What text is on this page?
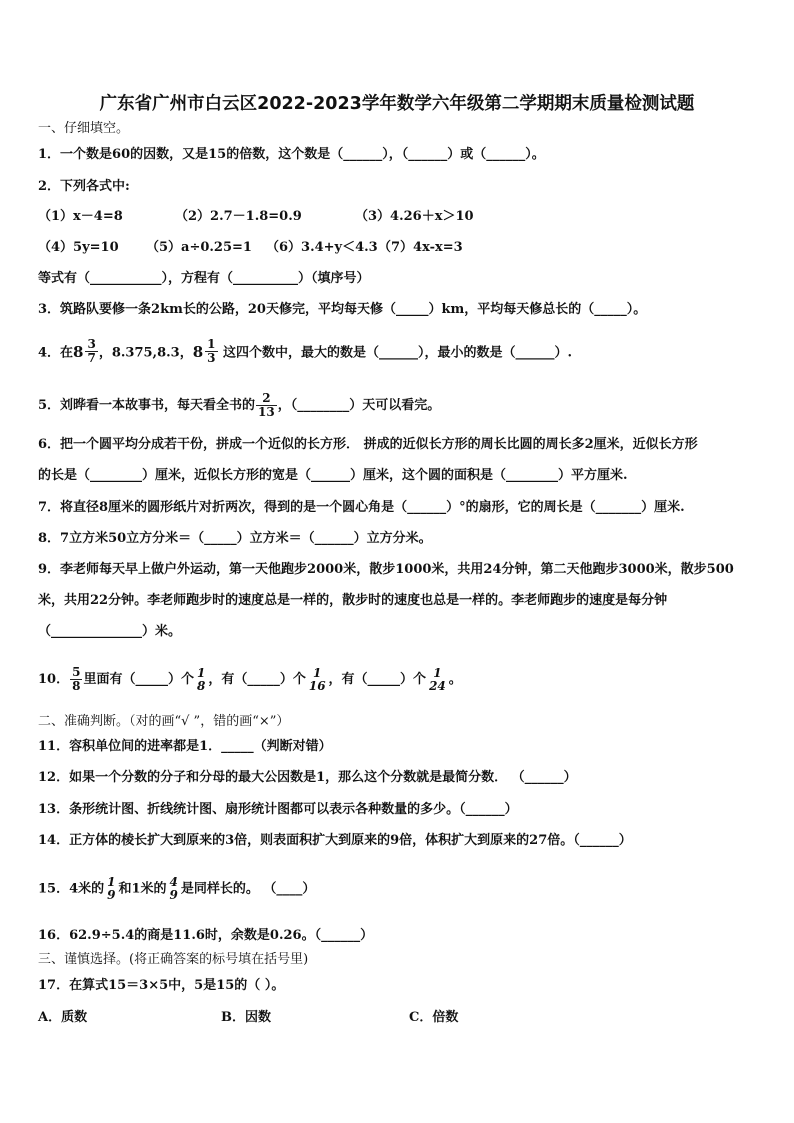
广东省广州市白云区2022-2023学年数学六年级第二学期期末质量检测试题
一、仔细填空。
1．一个数是60的因数，又是15的倍数，这个数是（______），（______）或（______）。
2．下列各式中:
（1）x－4=8	（2）2.7－1.8=0.9	（3）4.26＋x＞10
（4）5y=10 （5）a÷0.25=1 （6）3.4+y＜4.3（7）4x-x=3
等式有（___________），方程有（__________）（填序号）
3．筑路队要修一条2km长的公路，20天修完，平均每天修（_____）km，平均每天修总长的（_____）。
4．在 8 3
7 ，8.375,8.3， 8 1
3 这四个数中，最大的数是（______），最小的数是（______）.
5．刘晔看一本故事书，每天看全书的 $\frac{2}{13}$ ，（________）天可以看完。
6．把一个圆平均分成若干份，拼成一个近似的长方形． 拼成的近似长方形的周长比圆的周长多2厘米，近似长方形
的长是（________）厘米，近似长方形的宽是（______）厘米，这个圆的面积是（________）平方厘米.
7．将直径8厘米的圆形纸片对折两次，得到的是一个圆心角是（______）°的扇形，它的周长是（_______）厘米.
8．7立方米50立方分米＝（_____）立方米＝（______）立方分米。
9．李老师每天早上做户外运动，第一天他跑步2000米，散步1000米，共用24分钟，第二天他跑步3000米，散步500
米，共用22分钟。李老师跑步时的速度总是一样的，散步时的速度也总是一样的。李老师跑步的速度是每分钟
（______________）米。
10． $\frac{5}{8}$ 里面有（_____）个 1
8 ，有（_____）个 1
16 ，有（_____）个 1
24 。
二、准确判断。（对的画“√ ”，错的画“×”）
11．容积单位间的进率都是1．_____（判断对错）
12．如果一个分数的分子和分母的最大公因数是1，那么这个分数就是最简分数． （______）
13．条形统计图、折线统计图、扇形统计图都可以表示各种数量的多少。（______）
14．正方体的棱长扩大到原来的3倍，则表面积扩大到原来的9倍，体积扩大到原来的27倍。（______）
15．4米的 1
9 和1米的 4
9 是同样长的。 （____）
16．62.9÷5.4的商是11.6时，余数是0.26。（______）
三、谨慎选择。(将正确答案的标号填在括号里)
17．在算式15＝3×5中，5是15的（ ）。
A．质数	B．因数	C．倍数
